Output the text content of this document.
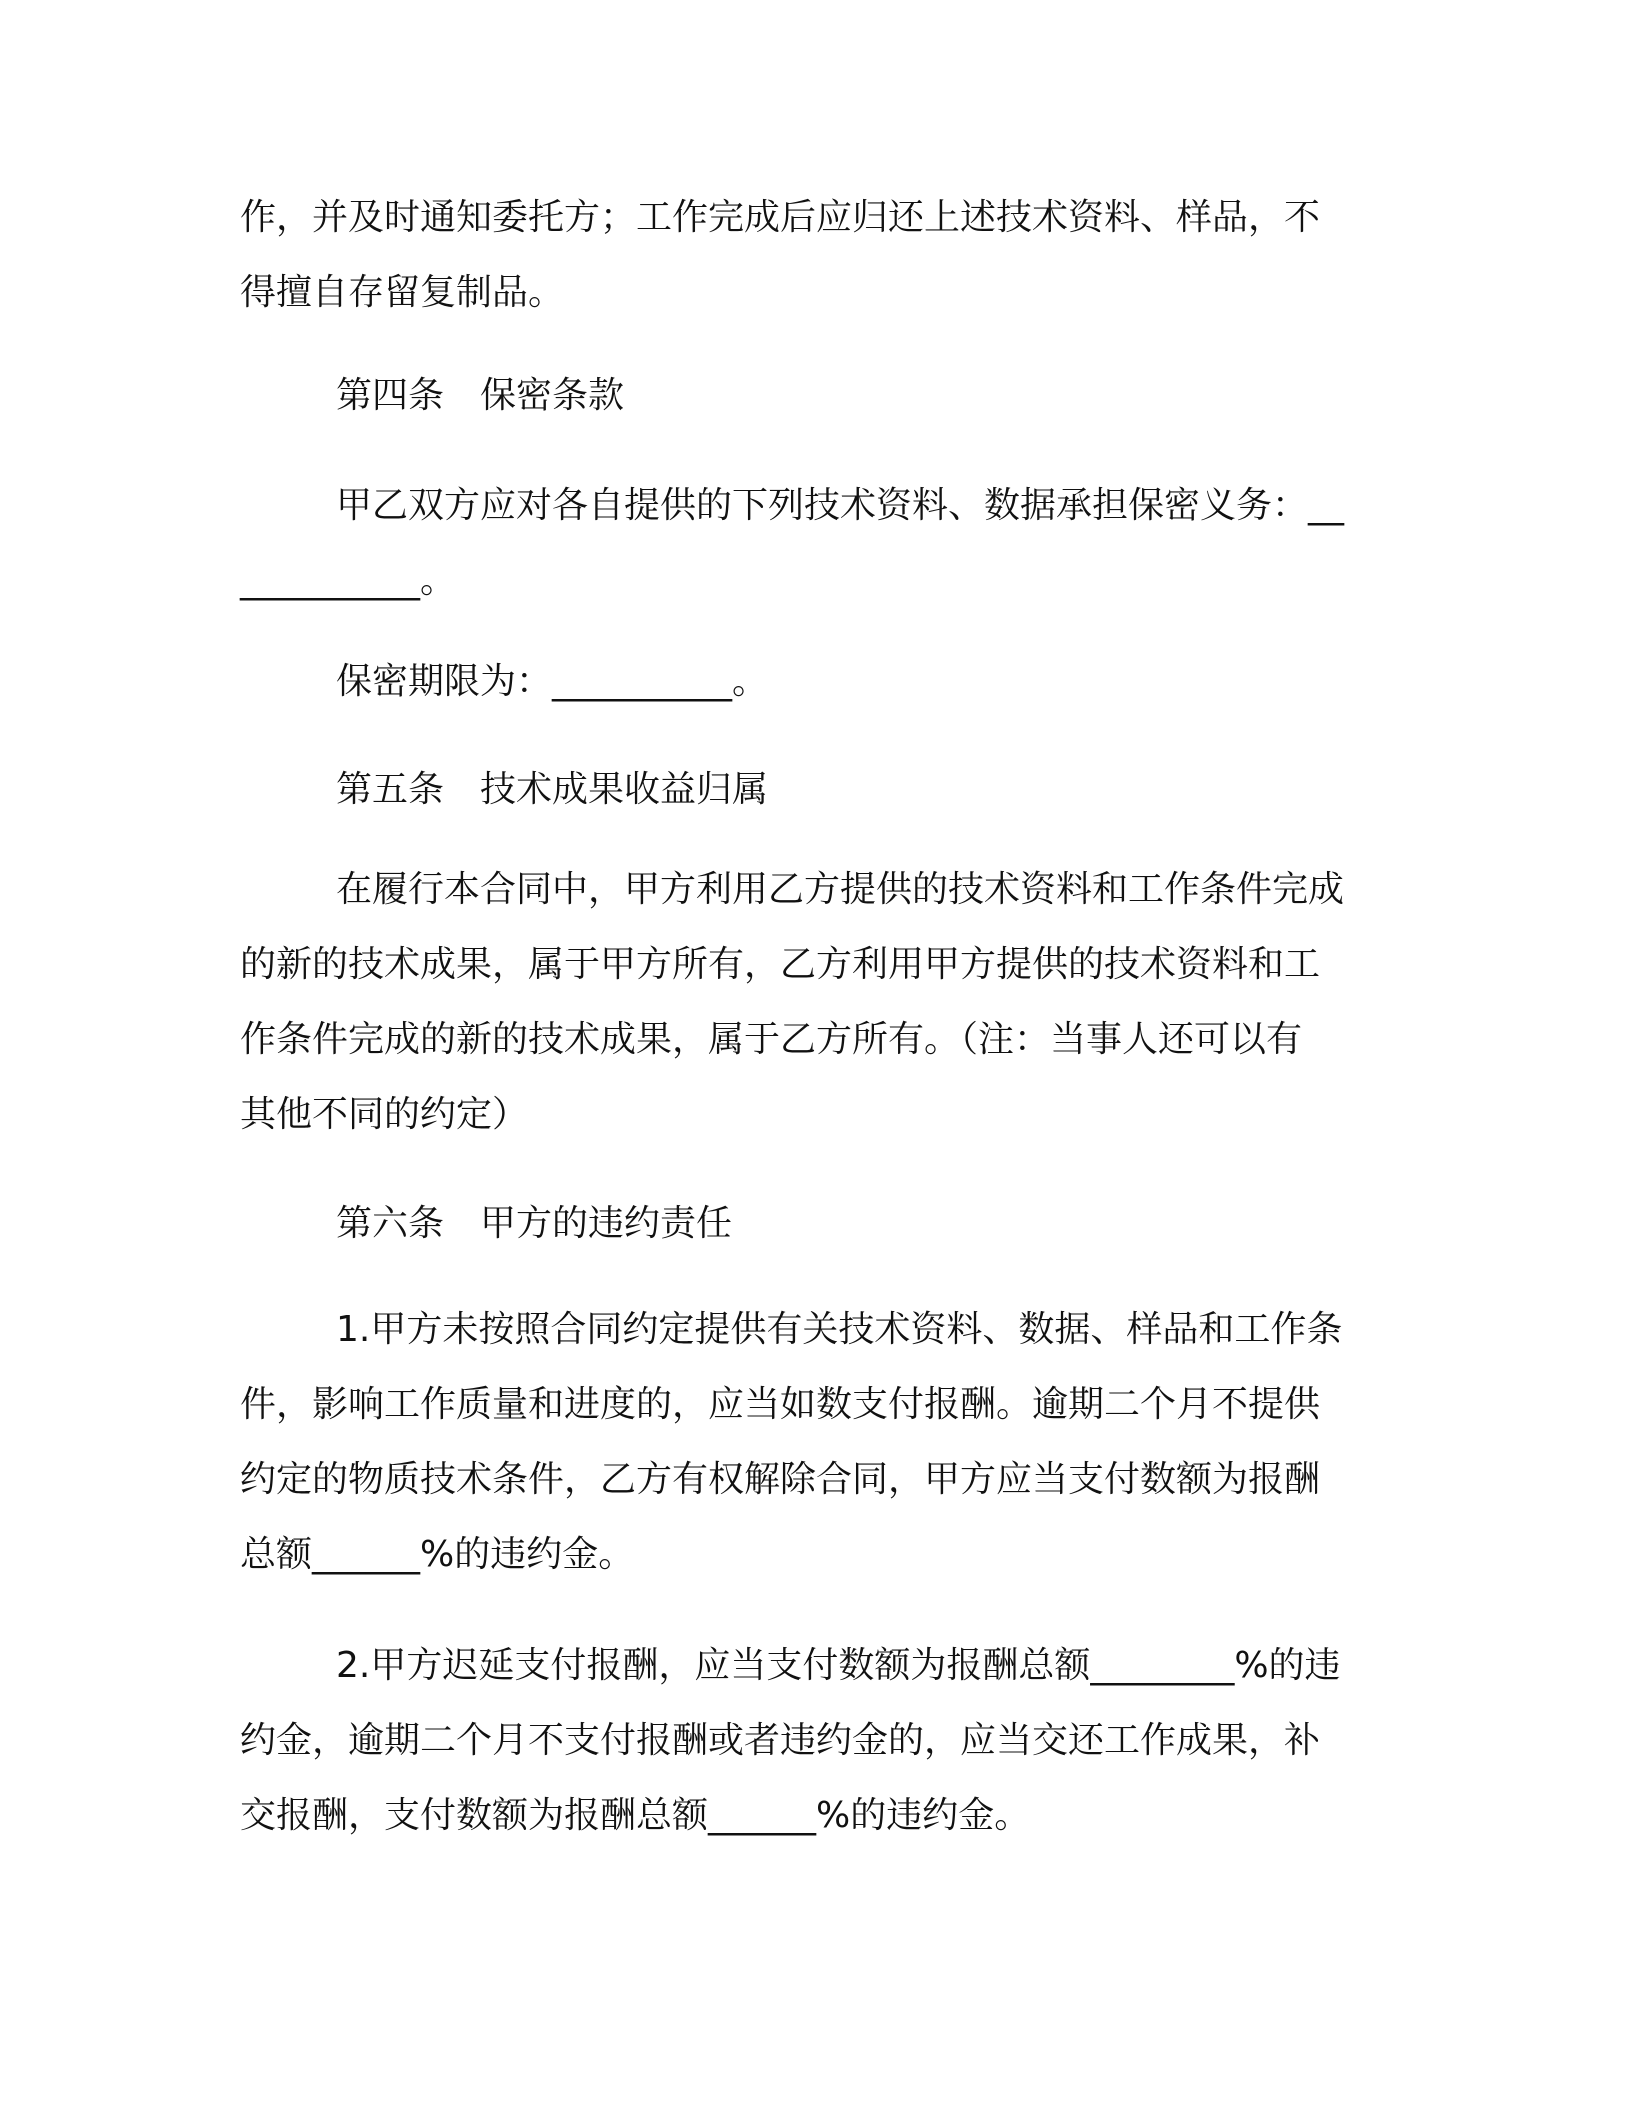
作，并及时通知委托方；工作完成后应归还上述技术资料、样品，不
得擅自存留复制品。
第四条　保密条款
甲乙双方应对各自提供的下列技术资料、数据承担保密义务：__
__________。
保密期限为：__________。
第五条　技术成果收益归属
在履行本合同中，甲方利用乙方提供的技术资料和工作条件完成
的新的技术成果，属于甲方所有，乙方利用甲方提供的技术资料和工
作条件完成的新的技术成果，属于乙方所有。（注：当事人还可以有
其他不同的约定）
第六条　甲方的违约责任
1.甲方未按照合同约定提供有关技术资料、数据、样品和工作条
件，影响工作质量和进度的，应当如数支付报酬。逾期二个月不提供
约定的物质技术条件，乙方有权解除合同，甲方应当支付数额为报酬
总额______%的违约金。
2.甲方迟延支付报酬，应当支付数额为报酬总额________%的违
约金，逾期二个月不支付报酬或者违约金的，应当交还工作成果，补
交报酬，支付数额为报酬总额______%的违约金。
